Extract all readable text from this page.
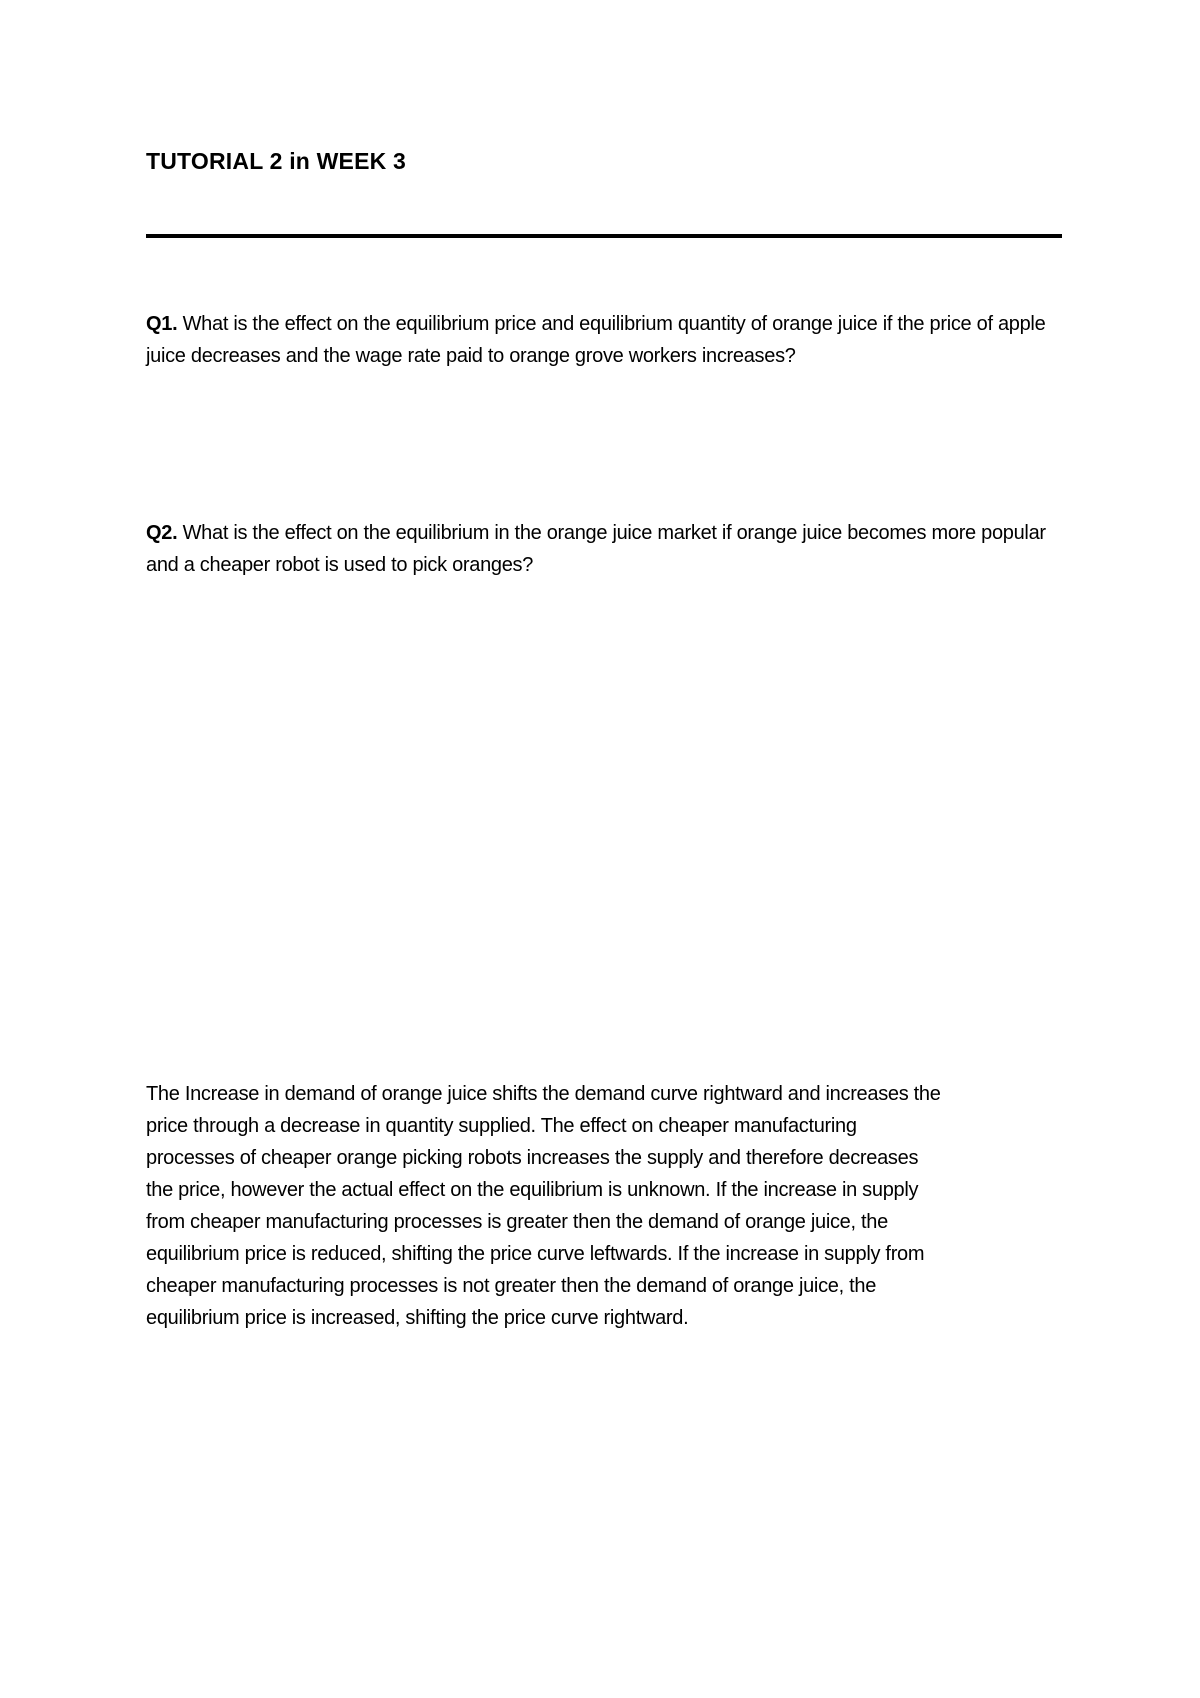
TUTORIAL 2 in WEEK 3
Q1. What is the effect on the equilibrium price and equilibrium quantity of orange juice if the price of apple juice decreases and the wage rate paid to orange grove workers increases?
Q2. What is the effect on the equilibrium in the orange juice market if orange juice becomes more popular and a cheaper robot is used to pick oranges?
The Increase in demand of orange juice shifts the demand curve rightward and increases the
price through a decrease in quantity supplied. The effect on cheaper manufacturing
processes of cheaper orange picking robots increases the supply and therefore decreases
the price, however the actual effect on the equilibrium is unknown. If the increase in supply
from cheaper manufacturing processes is greater then the demand of orange juice, the
equilibrium price is reduced, shifting the price curve leftwards. If the increase in supply from
cheaper manufacturing processes is not greater then the demand of orange juice, the
equilibrium price is increased, shifting the price curve rightward.
